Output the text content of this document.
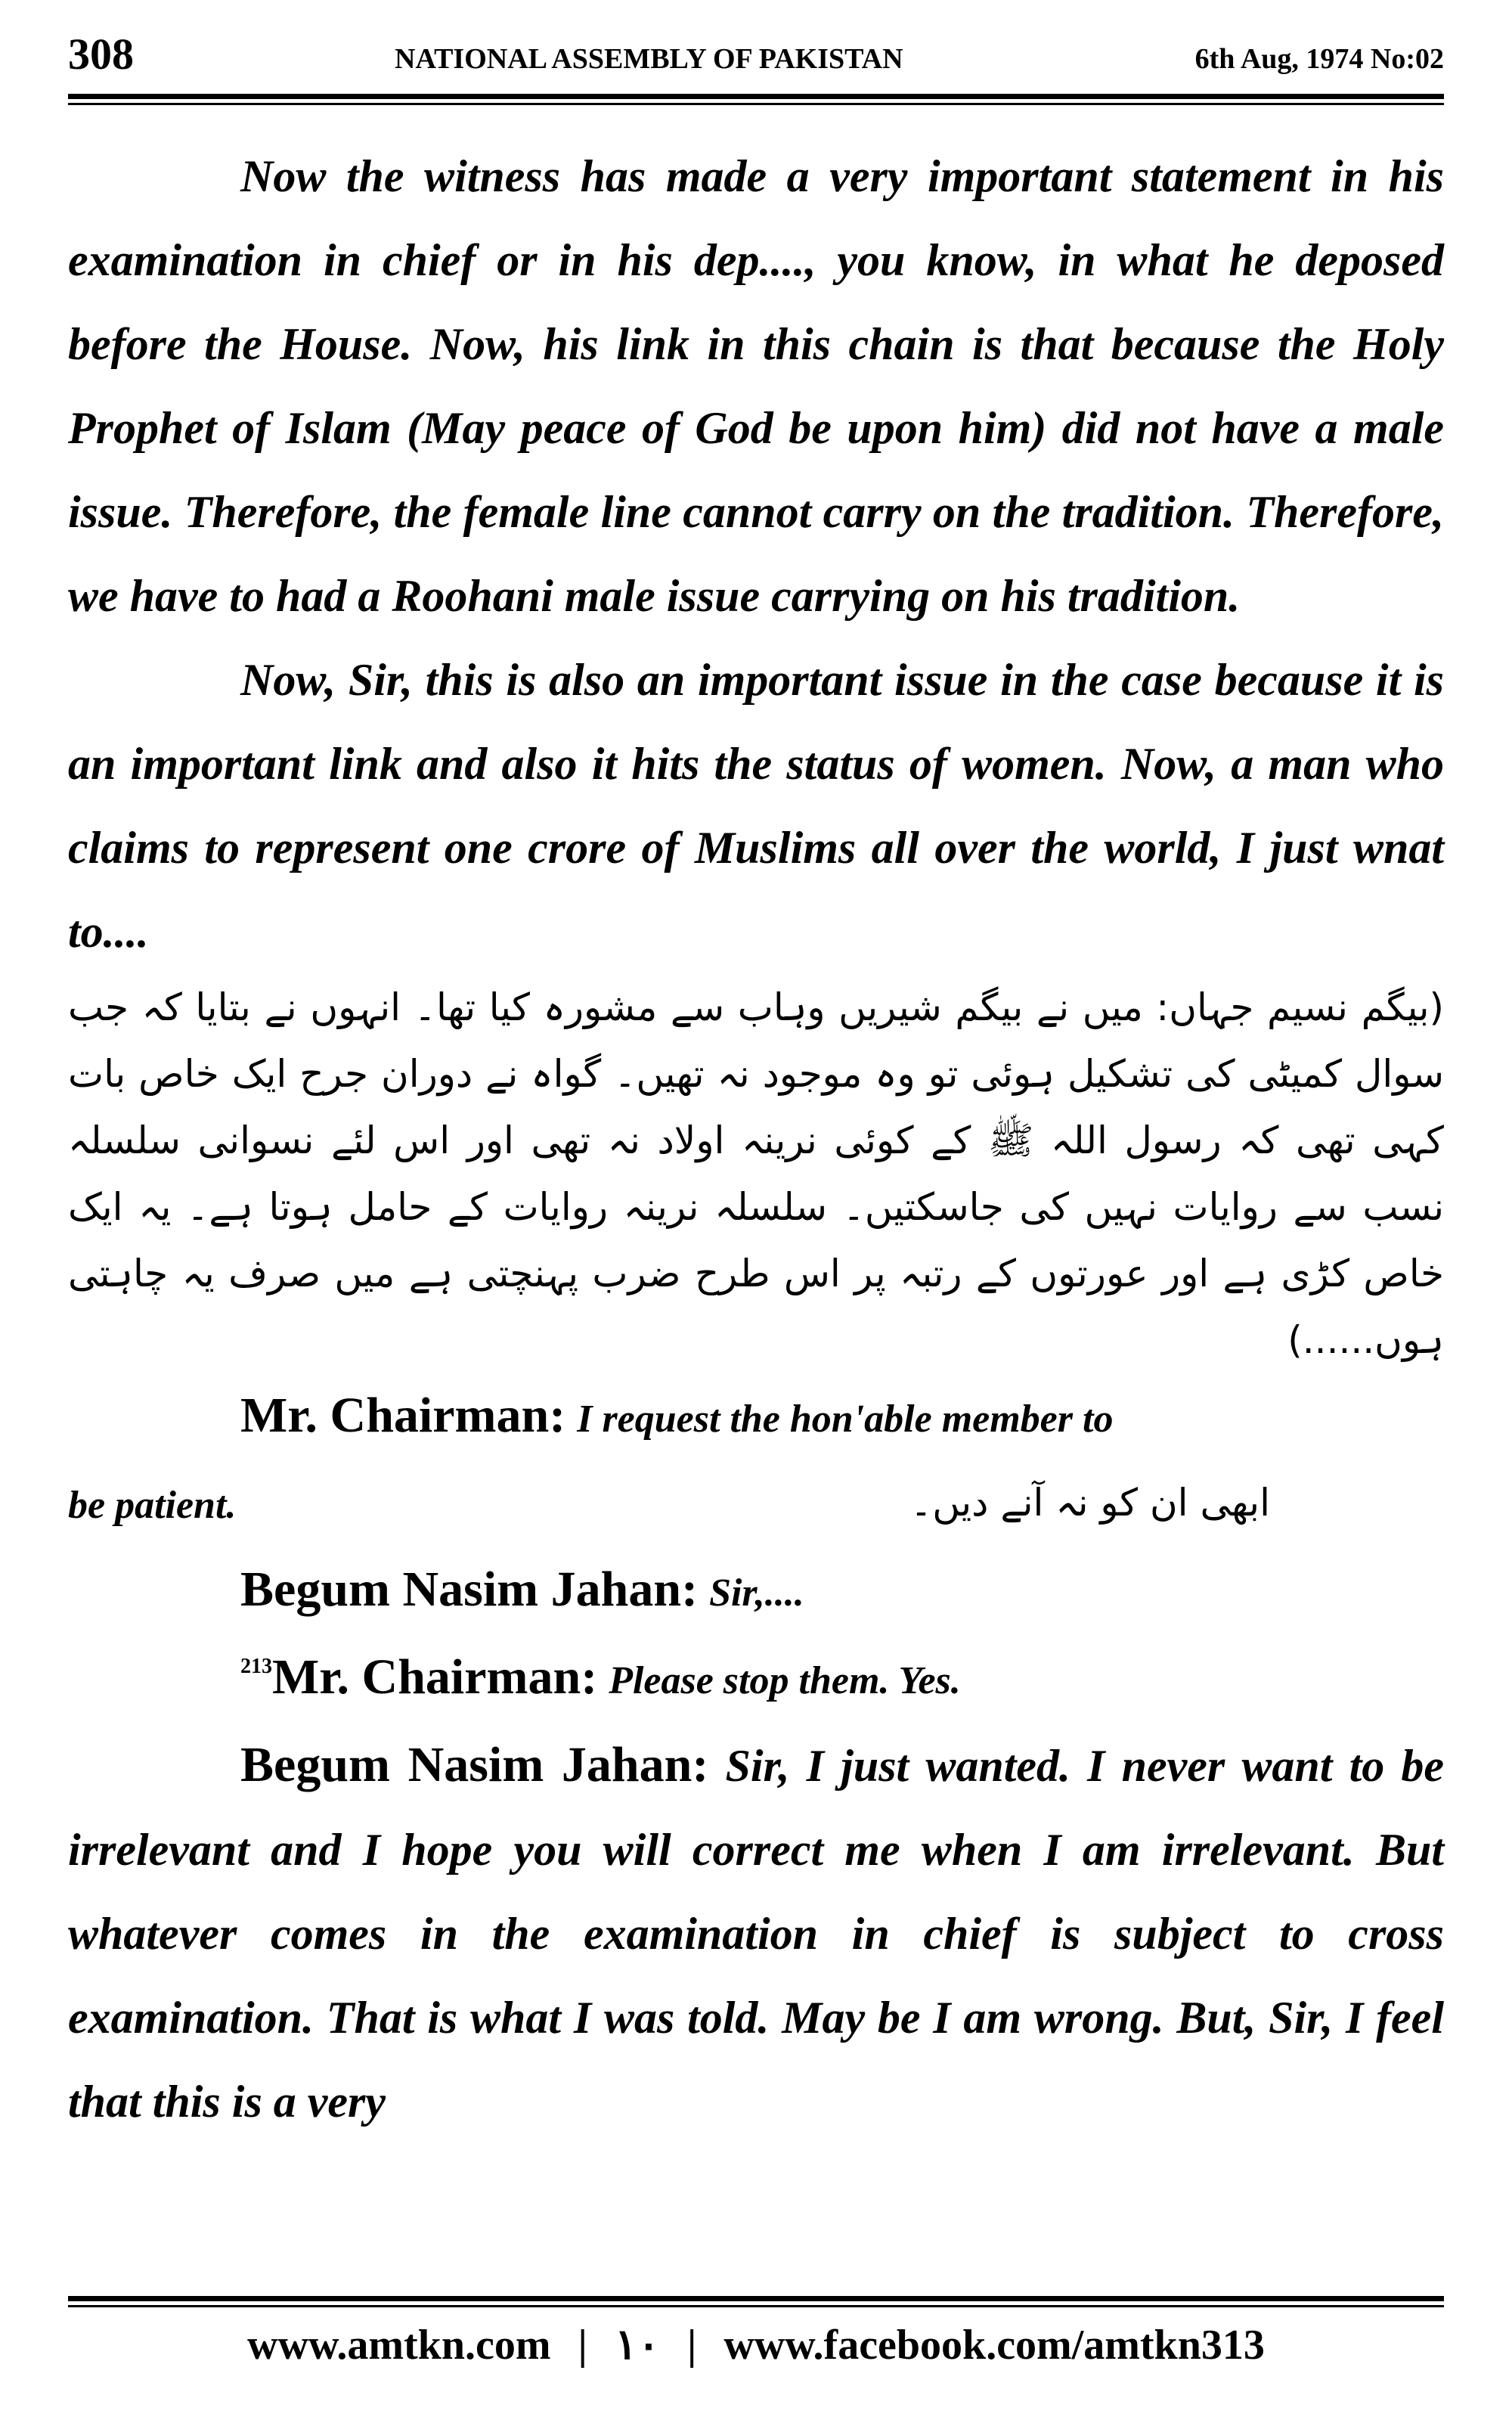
308	NATIONAL ASSEMBLY OF PAKISTAN	6th Aug, 1974 No:02

Now the witness has made a very important statement in his examination in chief or in his dep...., you know, in what he deposed before the House. Now, his link in this chain is that because the Holy Prophet of Islam (May peace of God be upon him) did not have a male issue. Therefore, the female line cannot carry on the tradition. Therefore, we have to had a Roohani male issue carrying on his tradition.

Now, Sir, this is also an important issue in the case because it is an important link and also it hits the status of women. Now, a man who claims to represent one crore of Muslims all over the world, I just wnat to....

(بیگم نسیم جہاں: میں نے بیگم شیریں وہاب سے مشورہ کیا تھا۔ انہوں نے بتایا کہ جب سوال کمیٹی کی تشکیل ہوئی تو وہ موجود نہ تھیں۔ گواہ نے دوران جرح ایک خاص بات کہی تھی کہ رسول اللہ ﷺ کے کوئی نرینہ اولاد نہ تھی اور اس لئے نسوانی سلسلہ نسب سے روایات نہیں کی جاسکتیں۔ سلسلہ نرینہ روایات کے حامل ہوتا ہے۔ یہ ایک خاص کڑی ہے اور عورتوں کے رتبہ پر اس طرح ضرب پہنچتی ہے میں صرف یہ چاہتی ہوں......)

Mr. Chairman: I request the hon'able member to

be patient.	ابھی ان کو نہ آنے دیں۔

Begum Nasim Jahan: Sir,....

$^{213}$Mr. Chairman: Please stop them. Yes.

Begum Nasim Jahan: Sir, I just wanted. I never want to be irrelevant and I hope you will correct me when I am irrelevant. But whatever comes in the examination in chief is subject to cross examination. That is what I was told. May be I am wrong. But, Sir, I feel that this is a very

www.amtkn.com | ١٠ | www.facebook.com/amtkn313
